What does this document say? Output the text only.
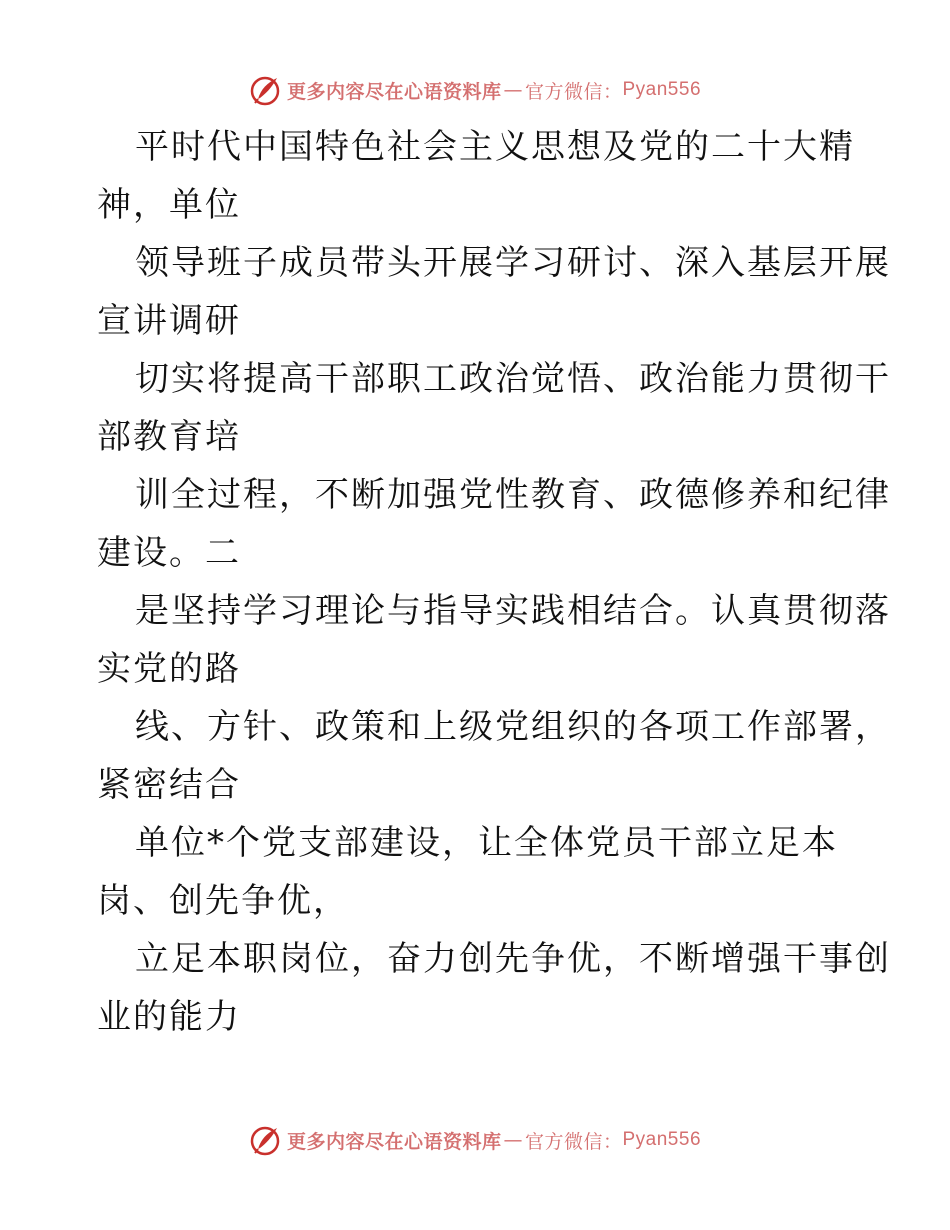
更多内容尽在心语资料库 — 官方微信： Pyan556

平时代中国特色社会主义思想及党的二十大精
神，单位

领导班子成员带头开展学习研讨、深入基层开展
宣讲调研

切实将提高干部职工政治觉悟、政治能力贯彻干
部教育培

训全过程，不断加强党性教育、政德修养和纪律
建设。二

是坚持学习理论与指导实践相结合。认真贯彻落
实党的路

线、方针、政策和上级党组织的各项工作部署，
紧密结合

单位*个党支部建设，让全体党员干部立足本
岗、创先争优，

立足本职岗位，奋力创先争优，不断增强干事创
业的能力

更多内容尽在心语资料库 — 官方微信： Pyan556
